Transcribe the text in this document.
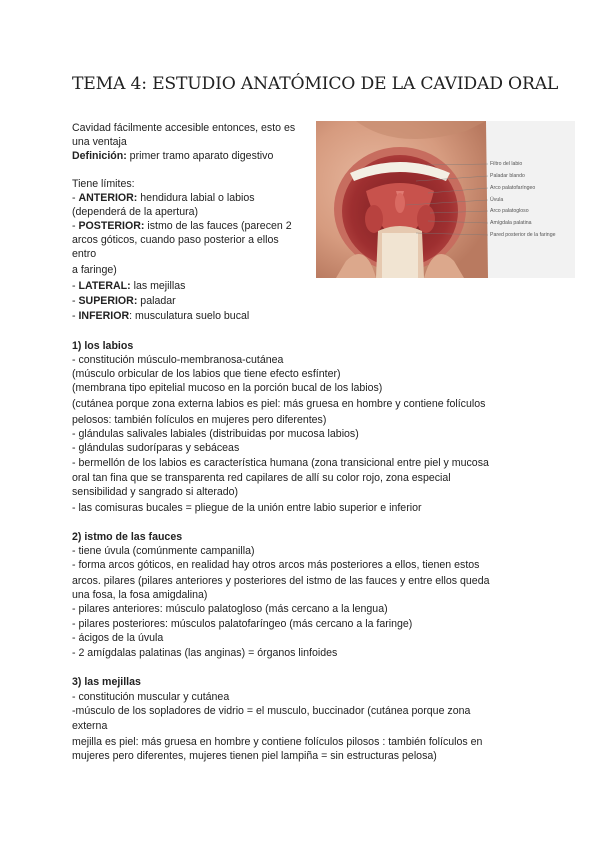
TEMA 4: ESTUDIO ANATÓMICO DE LA CAVIDAD ORAL
Cavidad fácilmente accesible entonces, esto es
una ventaja
Definición: primer tramo aparato digestivo
Tiene límites:
- ANTERIOR: hendidura labial o labios
(dependerá de la apertura)
- POSTERIOR: istmo de las fauces (parecen 2
arcos góticos, cuando paso posterior a ellos
entro
a faringe)
- LATERAL: las mejillas
- SUPERIOR: paladar
- INFERIOR: musculatura suelo bucal
Filtro del labio
Paladar blando
Arco palatofaríngeo
Úvula
Arco palatogloso
Amígdala palatina
Pared posterior de la faringe
1) los labios
- constitución músculo-membranosa-cutánea
(músculo orbicular de los labios que tiene efecto esfínter)
(membrana tipo epitelial mucoso en la porción bucal de los labios)
(cutánea porque zona externa labios es piel: más gruesa en hombre y contiene folículos
pelosos: también folículos en mujeres pero diferentes)
- glándulas salivales labiales (distribuidas por mucosa labios)
- glándulas sudoríparas y sebáceas
- bermellón de los labios es característica humana (zona transicional entre piel y mucosa
oral tan fina que se transparenta red capilares de allí su color rojo, zona especial
sensibilidad y sangrado si alterado)
- las comisuras bucales = pliegue de la unión entre labio superior e inferior
2) istmo de las fauces
- tiene úvula (comúnmente campanilla)
- forma arcos góticos, en realidad hay otros arcos más posteriores a ellos, tienen estos
arcos. pilares (pilares anteriores y posteriores del istmo de las fauces y entre ellos queda
una fosa, la fosa amigdalina)
- pilares anteriores: músculo palatogloso (más cercano a la lengua)
- pilares posteriores: músculos palatofaríngeo (más cercano a la faringe)
- ácigos de la úvula
- 2 amígdalas palatinas (las anginas) = órganos linfoides
3) las mejillas
- constitución muscular y cutánea
-músculo de los sopladores de vidrio = el musculo, buccinador (cutánea porque zona
externa
mejilla es piel: más gruesa en hombre y contiene folículos pilosos : también folículos en
mujeres pero diferentes, mujeres tienen piel lampiña = sin estructuras pelosa)
